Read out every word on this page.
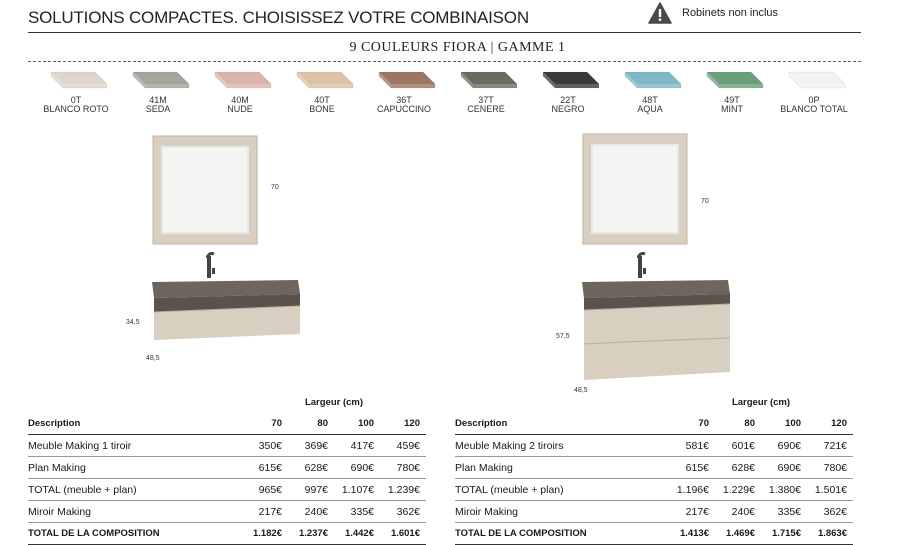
SOLUTIONS COMPACTES. CHOISISSEZ VOTRE COMBINAISON	Robinets non inclus
9 COULEURS FIORA | GAMME 1
0T
BLANCO ROTO
41M
SEDA
40M
NUDE
40T
BONE
36T
CAPUCCINO
37T
CENERE
22T
NEGRO
48T
AQUA
49T
MINT
0P
BLANCO TOTAL
70
34,5
48,5
70
57,5
48,5
	Largeur (cm)			
Description	70	80	100	120
Meuble Making 1 tiroir	350€	369€	417€	459€
Plan Making	615€	628€	690€	780€
TOTAL (meuble + plan)	965€	997€	1.107€	1.239€
Miroir Making	217€	240€	335€	362€
TOTAL DE LA COMPOSITION	1.182€	1.237€	1.442€	1.601€
	Largeur (cm)			
Description	70	80	100	120
Meuble Making 2 tiroirs	581€	601€	690€	721€
Plan Making	615€	628€	690€	780€
TOTAL (meuble + plan)	1.196€	1.229€	1.380€	1.501€
Miroir Making	217€	240€	335€	362€
TOTAL DE LA COMPOSITION	1.413€	1.469€	1.715€	1.863€
